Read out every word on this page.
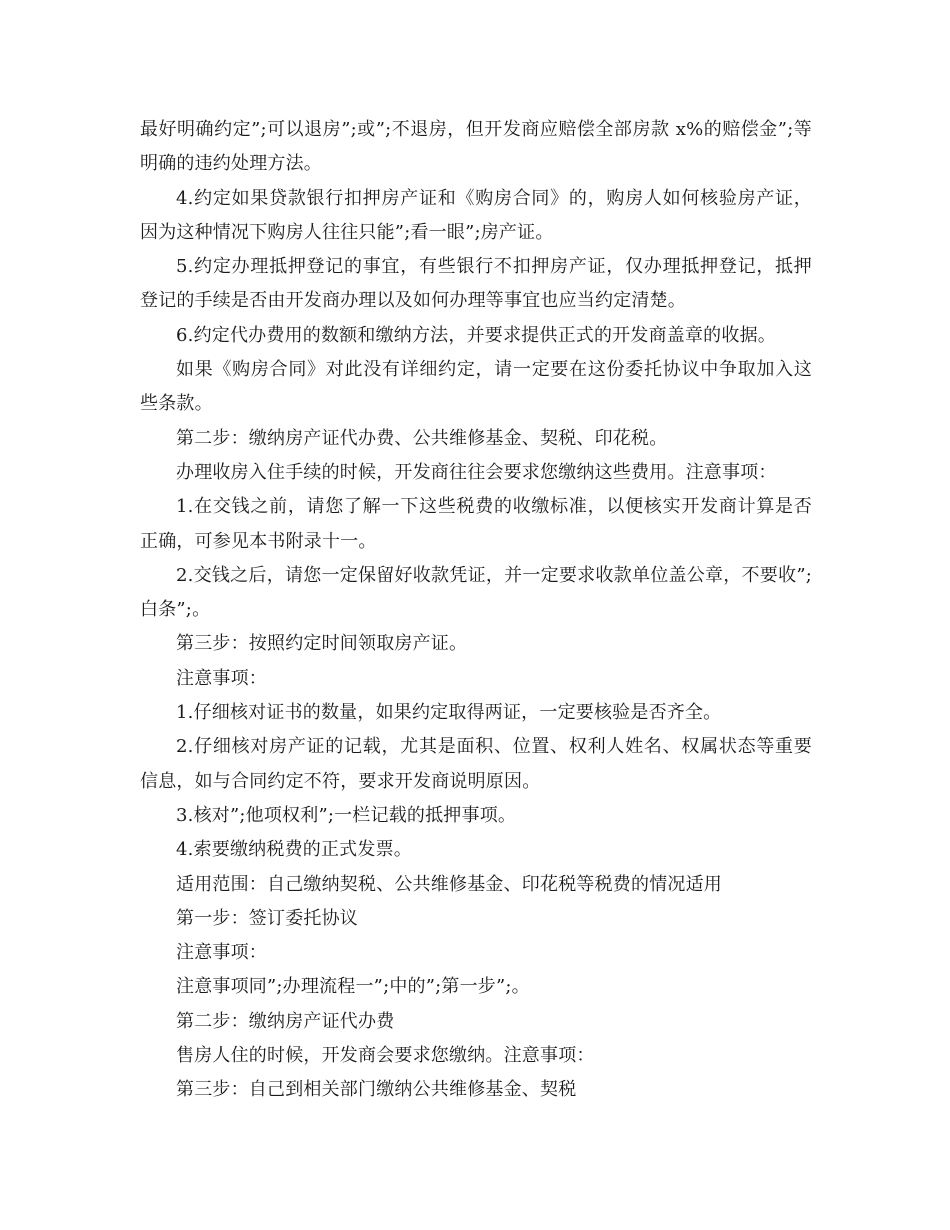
最好明确约定”;可以退房”;或”;不退房，但开发商应赔偿全部房款 x%的赔偿金”;等明确的违约处理方法。

4.约定如果贷款银行扣押房产证和《购房合同》的，购房人如何核验房产证，因为这种情况下购房人往往只能”;看一眼”;房产证。

5.约定办理抵押登记的事宜，有些银行不扣押房产证，仅办理抵押登记，抵押登记的手续是否由开发商办理以及如何办理等事宜也应当约定清楚。

6.约定代办费用的数额和缴纳方法，并要求提供正式的开发商盖章的收据。

如果《购房合同》对此没有详细约定，请一定要在这份委托协议中争取加入这些条款。

第二步：缴纳房产证代办费、公共维修基金、契税、印花税。

办理收房入住手续的时候，开发商往往会要求您缴纳这些费用。注意事项：

1.在交钱之前，请您了解一下这些税费的收缴标准，以便核实开发商计算是否正确，可参见本书附录十一。

2.交钱之后，请您一定保留好收款凭证，并一定要求收款单位盖公章，不要收”;白条”;。

第三步：按照约定时间领取房产证。

注意事项：

1.仔细核对证书的数量，如果约定取得两证，一定要核验是否齐全。

2.仔细核对房产证的记载，尤其是面积、位置、权利人姓名、权属状态等重要信息，如与合同约定不符，要求开发商说明原因。

3.核对”;他项权利”;一栏记载的抵押事项。

4.索要缴纳税费的正式发票。

适用范围：自己缴纳契税、公共维修基金、印花税等税费的情况适用

第一步：签订委托协议

注意事项：

注意事项同”;办理流程一”;中的”;第一步”;。

第二步：缴纳房产证代办费

售房人住的时候，开发商会要求您缴纳。注意事项：

第三步：自己到相关部门缴纳公共维修基金、契税
